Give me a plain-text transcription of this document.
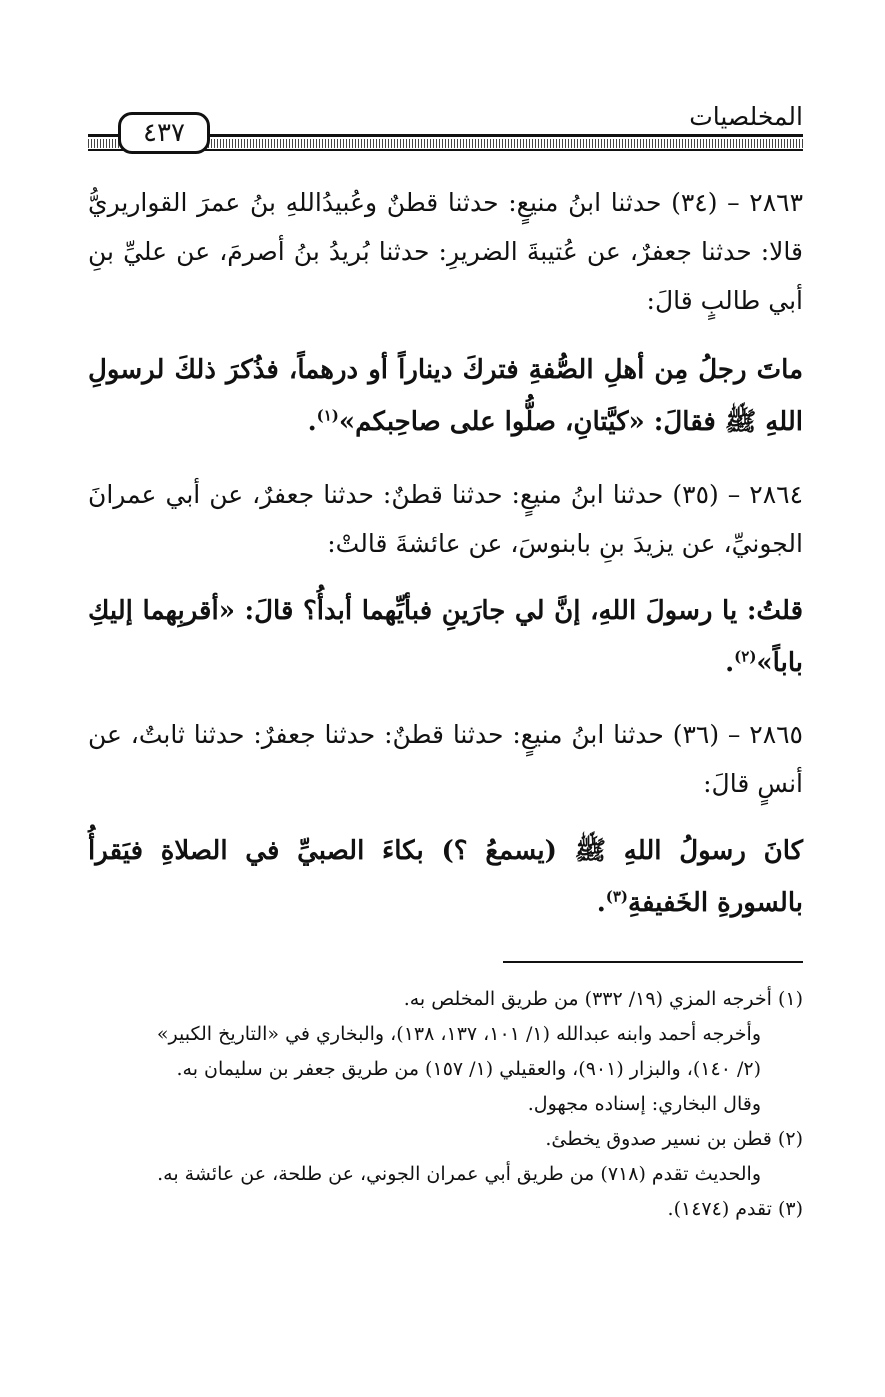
المخلصيات
٤٣٧
٢٨٦٣ – (٣٤) حدثنا ابنُ منيعٍ: حدثنا قطنٌ وعُبيدُاللهِ بنُ عمرَ القواريريُّ قالا: حدثنا جعفرٌ، عن عُتيبةَ الضريرِ: حدثنا بُريدُ بنُ أصرمَ، عن عليِّ بنِ أبي طالبٍ قالَ:
ماتَ رجلُ مِن أهلِ الصُّفةِ فتركَ ديناراً أو درهماً، فذُكرَ ذلكَ لرسولِ اللهِ ﷺ فقالَ: «كيَّتانِ، صلُّوا على صاحِبكم»$^{(١)}$.
٢٨٦٤ – (٣٥) حدثنا ابنُ منيعٍ: حدثنا قطنٌ: حدثنا جعفرٌ، عن أبي عمرانَ الجونيِّ، عن يزيدَ بنِ بابنوسَ، عن عائشةَ قالتْ:
قلتُ: يا رسولَ اللهِ، إنَّ لي جارَينِ فبأيِّهما أبدأُ؟ قالَ: «أقربِهما إليكِ باباً»$^{(٢)}$.
٢٨٦٥ – (٣٦) حدثنا ابنُ منيعٍ: حدثنا قطنٌ: حدثنا جعفرٌ: حدثنا ثابتٌ، عن أنسٍ قالَ:
كانَ رسولُ اللهِ ﷺ (يسمعُ ؟) بكاءَ الصبيِّ في الصلاةِ فيَقرأُ بالسورةِ الخَفيفةِ$^{(٣)}$.
(١) أخرجه المزي (١٩/ ٣٣٢) من طريق المخلص به.
وأخرجه أحمد وابنه عبدالله (١/ ١٠١، ١٣٧، ١٣٨)، والبخاري في «التاريخ الكبير»
(٢/ ١٤٠)، والبزار (٩٠١)، والعقيلي (١/ ١٥٧) من طريق جعفر بن سليمان به.
وقال البخاري: إسناده مجهول.
(٢) قطن بن نسير صدوق يخطئ.
والحديث تقدم (٧١٨) من طريق أبي عمران الجوني، عن طلحة، عن عائشة به.
(٣) تقدم (١٤٧٤).
